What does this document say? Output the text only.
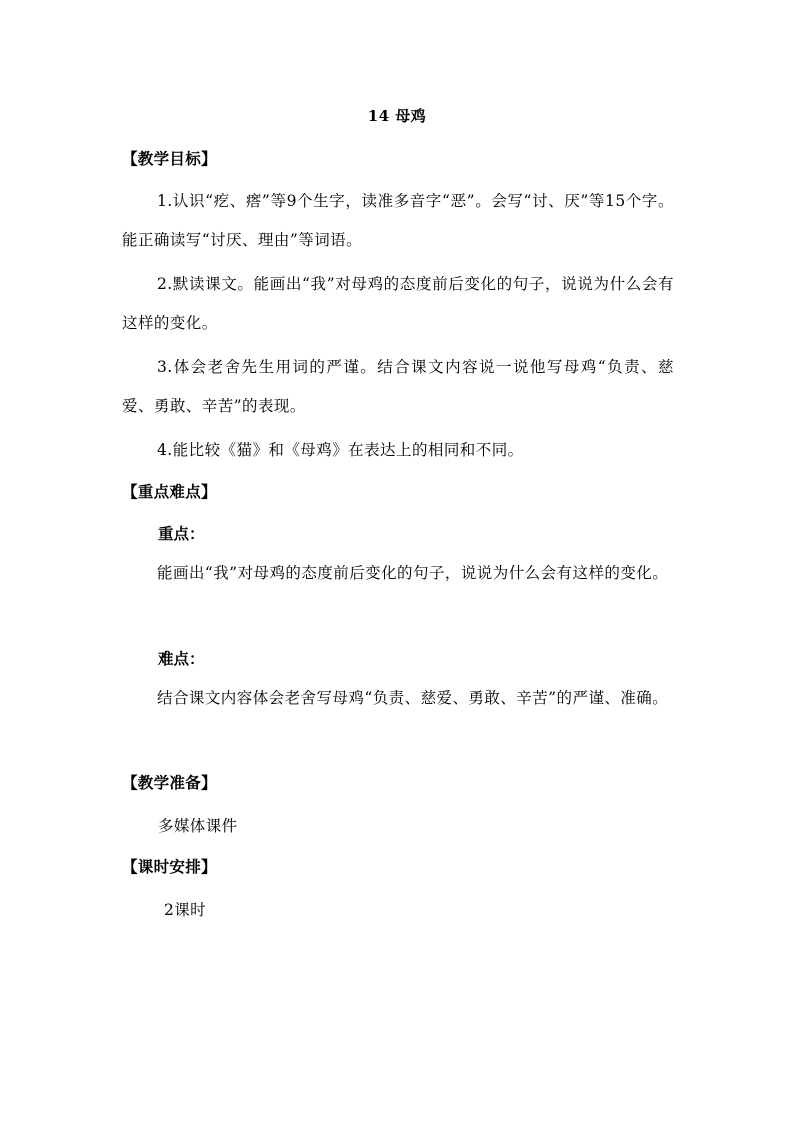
14 母鸡
【教学目标】
1.认识“疙、瘩”等9个生字，读准多音字“恶”。会写“讨、厌”等15个字。能正确读写“讨厌、理由”等词语。
2.默读课文。能画出“我”对母鸡的态度前后变化的句子，说说为什么会有这样的变化。
3.体会老舍先生用词的严谨。结合课文内容说一说他写母鸡“负责、慈爱、勇敢、辛苦”的表现。
4.能比较《猫》和《母鸡》在表达上的相同和不同。
【重点难点】
重点：
能画出“我”对母鸡的态度前后变化的句子，说说为什么会有这样的变化。
难点：
结合课文内容体会老舍写母鸡“负责、慈爱、勇敢、辛苦”的严谨、准确。
【教学准备】
多媒体课件
【课时安排】
2课时
